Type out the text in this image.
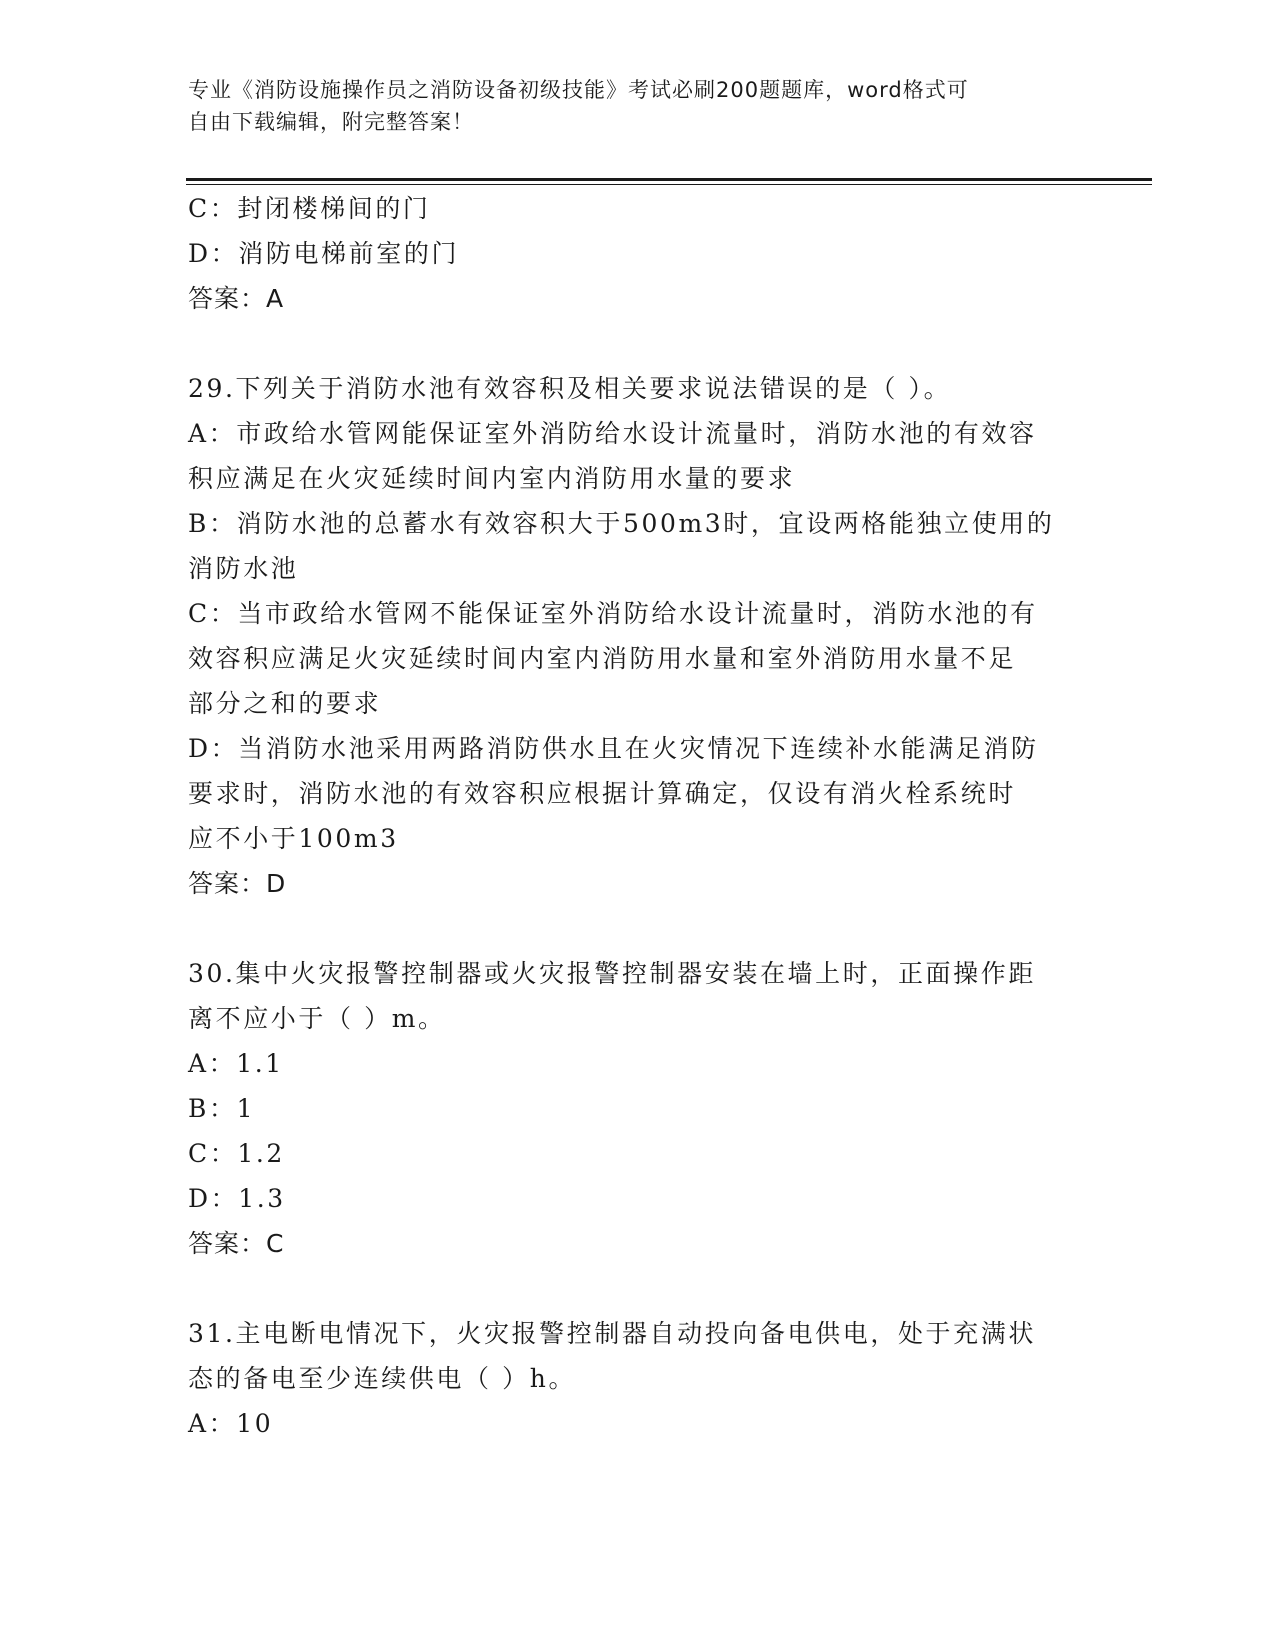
专业《消防设施操作员之消防设备初级技能》考试必刷200题题库，word格式可
自由下载编辑，附完整答案！
C：封闭楼梯间的门
D：消防电梯前室的门
答案：A
29.下列关于消防水池有效容积及相关要求说法错误的是（ ）。
A：市政给水管网能保证室外消防给水设计流量时，消防水池的有效容
积应满足在火灾延续时间内室内消防用水量的要求
B：消防水池的总蓄水有效容积大于500m3时，宜设两格能独立使用的
消防水池
C：当市政给水管网不能保证室外消防给水设计流量时，消防水池的有
效容积应满足火灾延续时间内室内消防用水量和室外消防用水量不足
部分之和的要求
D：当消防水池采用两路消防供水且在火灾情况下连续补水能满足消防
要求时，消防水池的有效容积应根据计算确定，仅设有消火栓系统时
应不小于100m3
答案：D
30.集中火灾报警控制器或火灾报警控制器安装在墙上时，正面操作距
离不应小于（ ）m。
A：1.1
B：1
C：1.2
D：1.3
答案：C
31.主电断电情况下，火灾报警控制器自动投向备电供电，处于充满状
态的备电至少连续供电（ ）h。
A：10
